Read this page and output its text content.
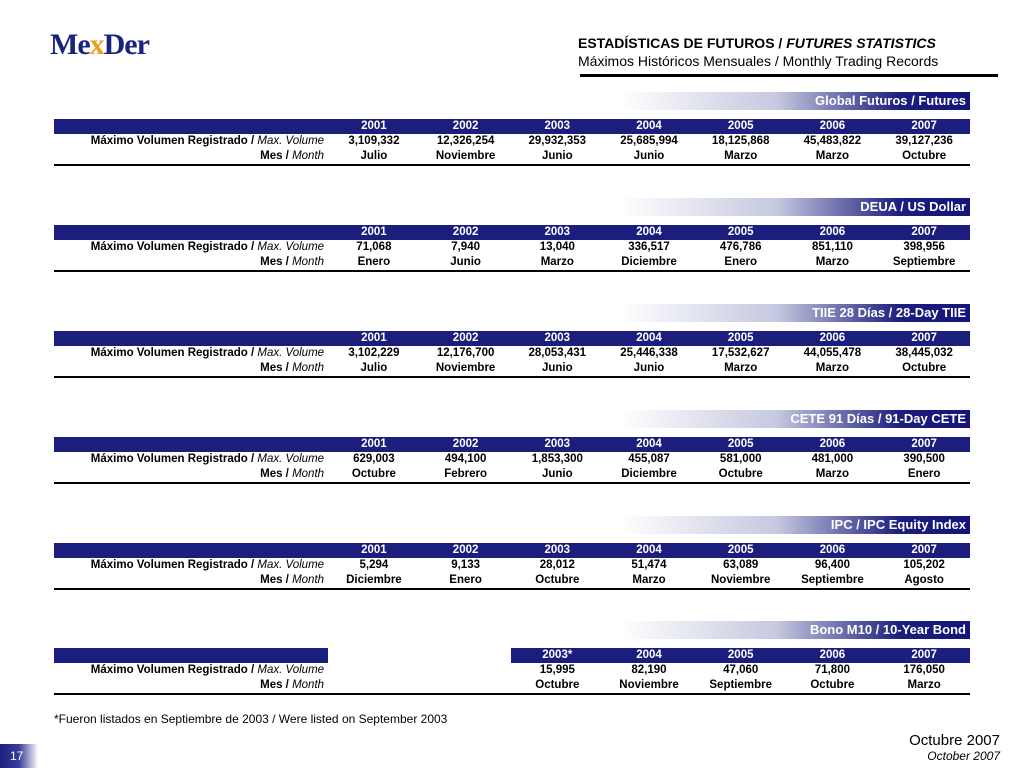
MexDer	ESTADÍSTICAS DE FUTUROS / FUTURES STATISTICS
Máximos Históricos Mensuales / Monthly Trading Records
Global Futuros / Futures
	2001	2002	2003	2004	2005	2006	2007
Máximo Volumen Registrado / Max. Volume	3,109,332	12,326,254	29,932,353	25,685,994	18,125,868	45,483,822	39,127,236
Mes / Month	Julio	Noviembre	Junio	Junio	Marzo	Marzo	Octubre
DEUA / US Dollar
	2001	2002	2003	2004	2005	2006	2007
Máximo Volumen Registrado / Max. Volume	71,068	7,940	13,040	336,517	476,786	851,110	398,956
Mes / Month	Enero	Junio	Marzo	Diciembre	Enero	Marzo	Septiembre
TIIE 28 Días / 28-Day TIIE
	2001	2002	2003	2004	2005	2006	2007
Máximo Volumen Registrado / Max. Volume	3,102,229	12,176,700	28,053,431	25,446,338	17,532,627	44,055,478	38,445,032
Mes / Month	Julio	Noviembre	Junio	Junio	Marzo	Marzo	Octubre
CETE 91 Días / 91-Day CETE
	2001	2002	2003	2004	2005	2006	2007
Máximo Volumen Registrado / Max. Volume	629,003	494,100	1,853,300	455,087	581,000	481,000	390,500
Mes / Month	Octubre	Febrero	Junio	Diciembre	Octubre	Marzo	Enero
IPC / IPC Equity Index
	2001	2002	2003	2004	2005	2006	2007
Máximo Volumen Registrado / Max. Volume	5,294	9,133	28,012	51,474	63,089	96,400	105,202
Mes / Month	Diciembre	Enero	Octubre	Marzo	Noviembre	Septiembre	Agosto
Bono M10 / 10-Year Bond
			2003*	2004	2005	2006	2007
Máximo Volumen Registrado / Max. Volume			15,995	82,190	47,060	71,800	176,050
Mes / Month			Octubre	Noviembre	Septiembre	Octubre	Marzo
*Fueron listados en Septiembre de 2003 / Were listed on September 2003
17
Octubre 2007
October 2007
